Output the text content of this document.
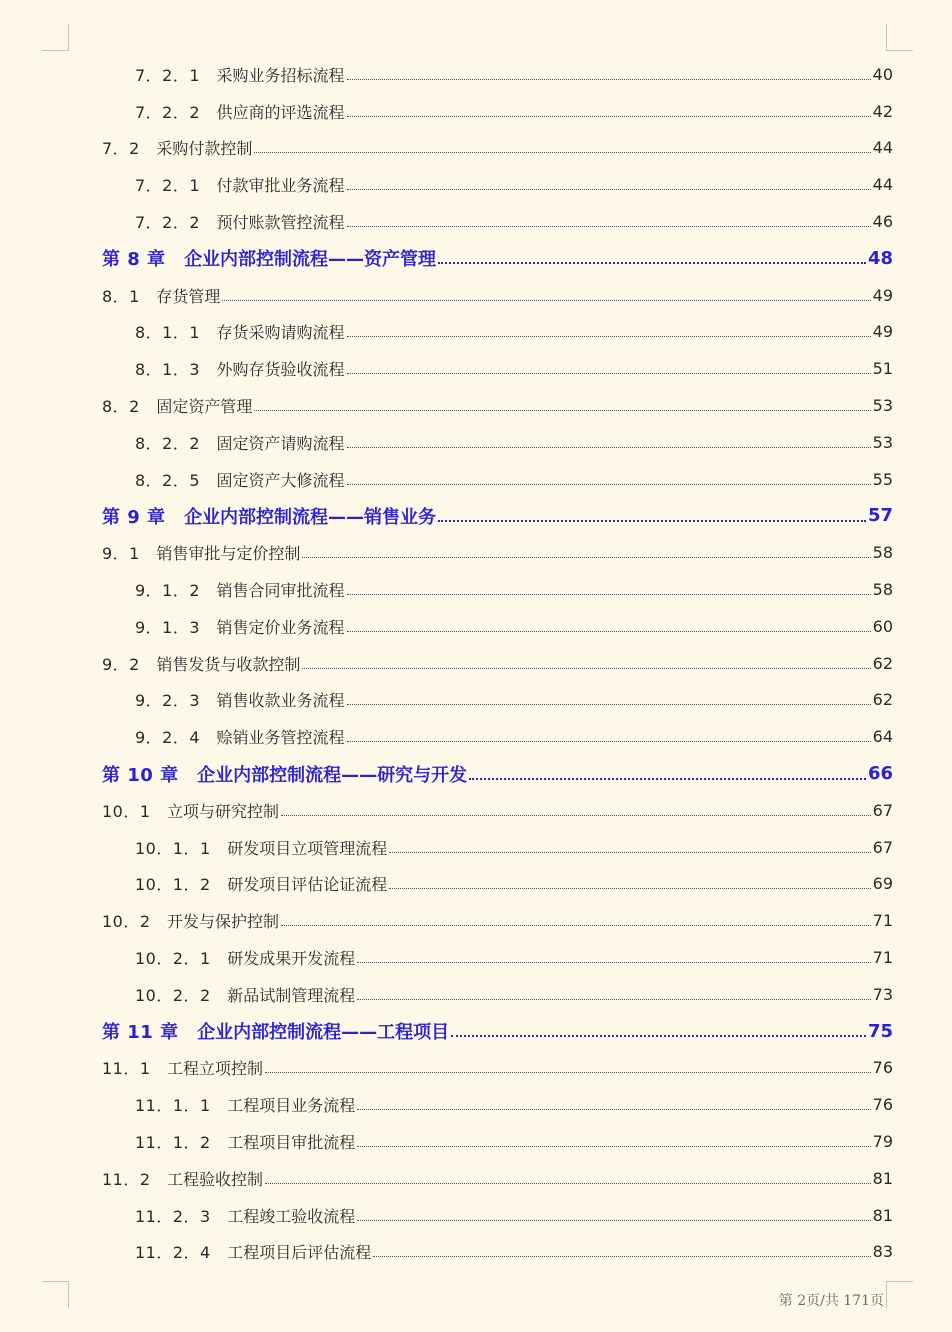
7．2．1　 采购业务招标流程	40
7．2．2　 供应商的评选流程	42
7．2　 采购付款控制	44
7．2．1　 付款审批业务流程	44
7．2．2　 预付账款管控流程	46
第 8 章　 企业内部控制流程——资产管理	48
8．1　 存货管理	49
8．1．1　 存货采购请购流程	49
8．1．3　 外购存货验收流程	51
8．2　 固定资产管理	53
8．2．2　 固定资产请购流程	53
8．2．5　 固定资产大修流程	55
第 9 章　 企业内部控制流程——销售业务	57
9．1　 销售审批与定价控制	58
9．1．2　 销售合同审批流程	58
9．1．3　 销售定价业务流程	60
9．2　 销售发货与收款控制	62
9．2．3　 销售收款业务流程	62
9．2．4　 赊销业务管控流程	64
第 10 章　 企业内部控制流程——研究与开发	66
10．1　 立项与研究控制	67
10．1．1　 研发项目立项管理流程	67
10．1．2　 研发项目评估论证流程	69
10．2　 开发与保护控制	71
10．2．1　 研发成果开发流程	71
10．2．2　 新品试制管理流程	73
第 11 章　 企业内部控制流程——工程项目	75
11．1　 工程立项控制	76
11．1．1　 工程项目业务流程	76
11．1．2　 工程项目审批流程	79
11．2　 工程验收控制	81
11．2．3　 工程竣工验收流程	81
11．2．4　 工程项目后评估流程	83
第 2页/共 171页
